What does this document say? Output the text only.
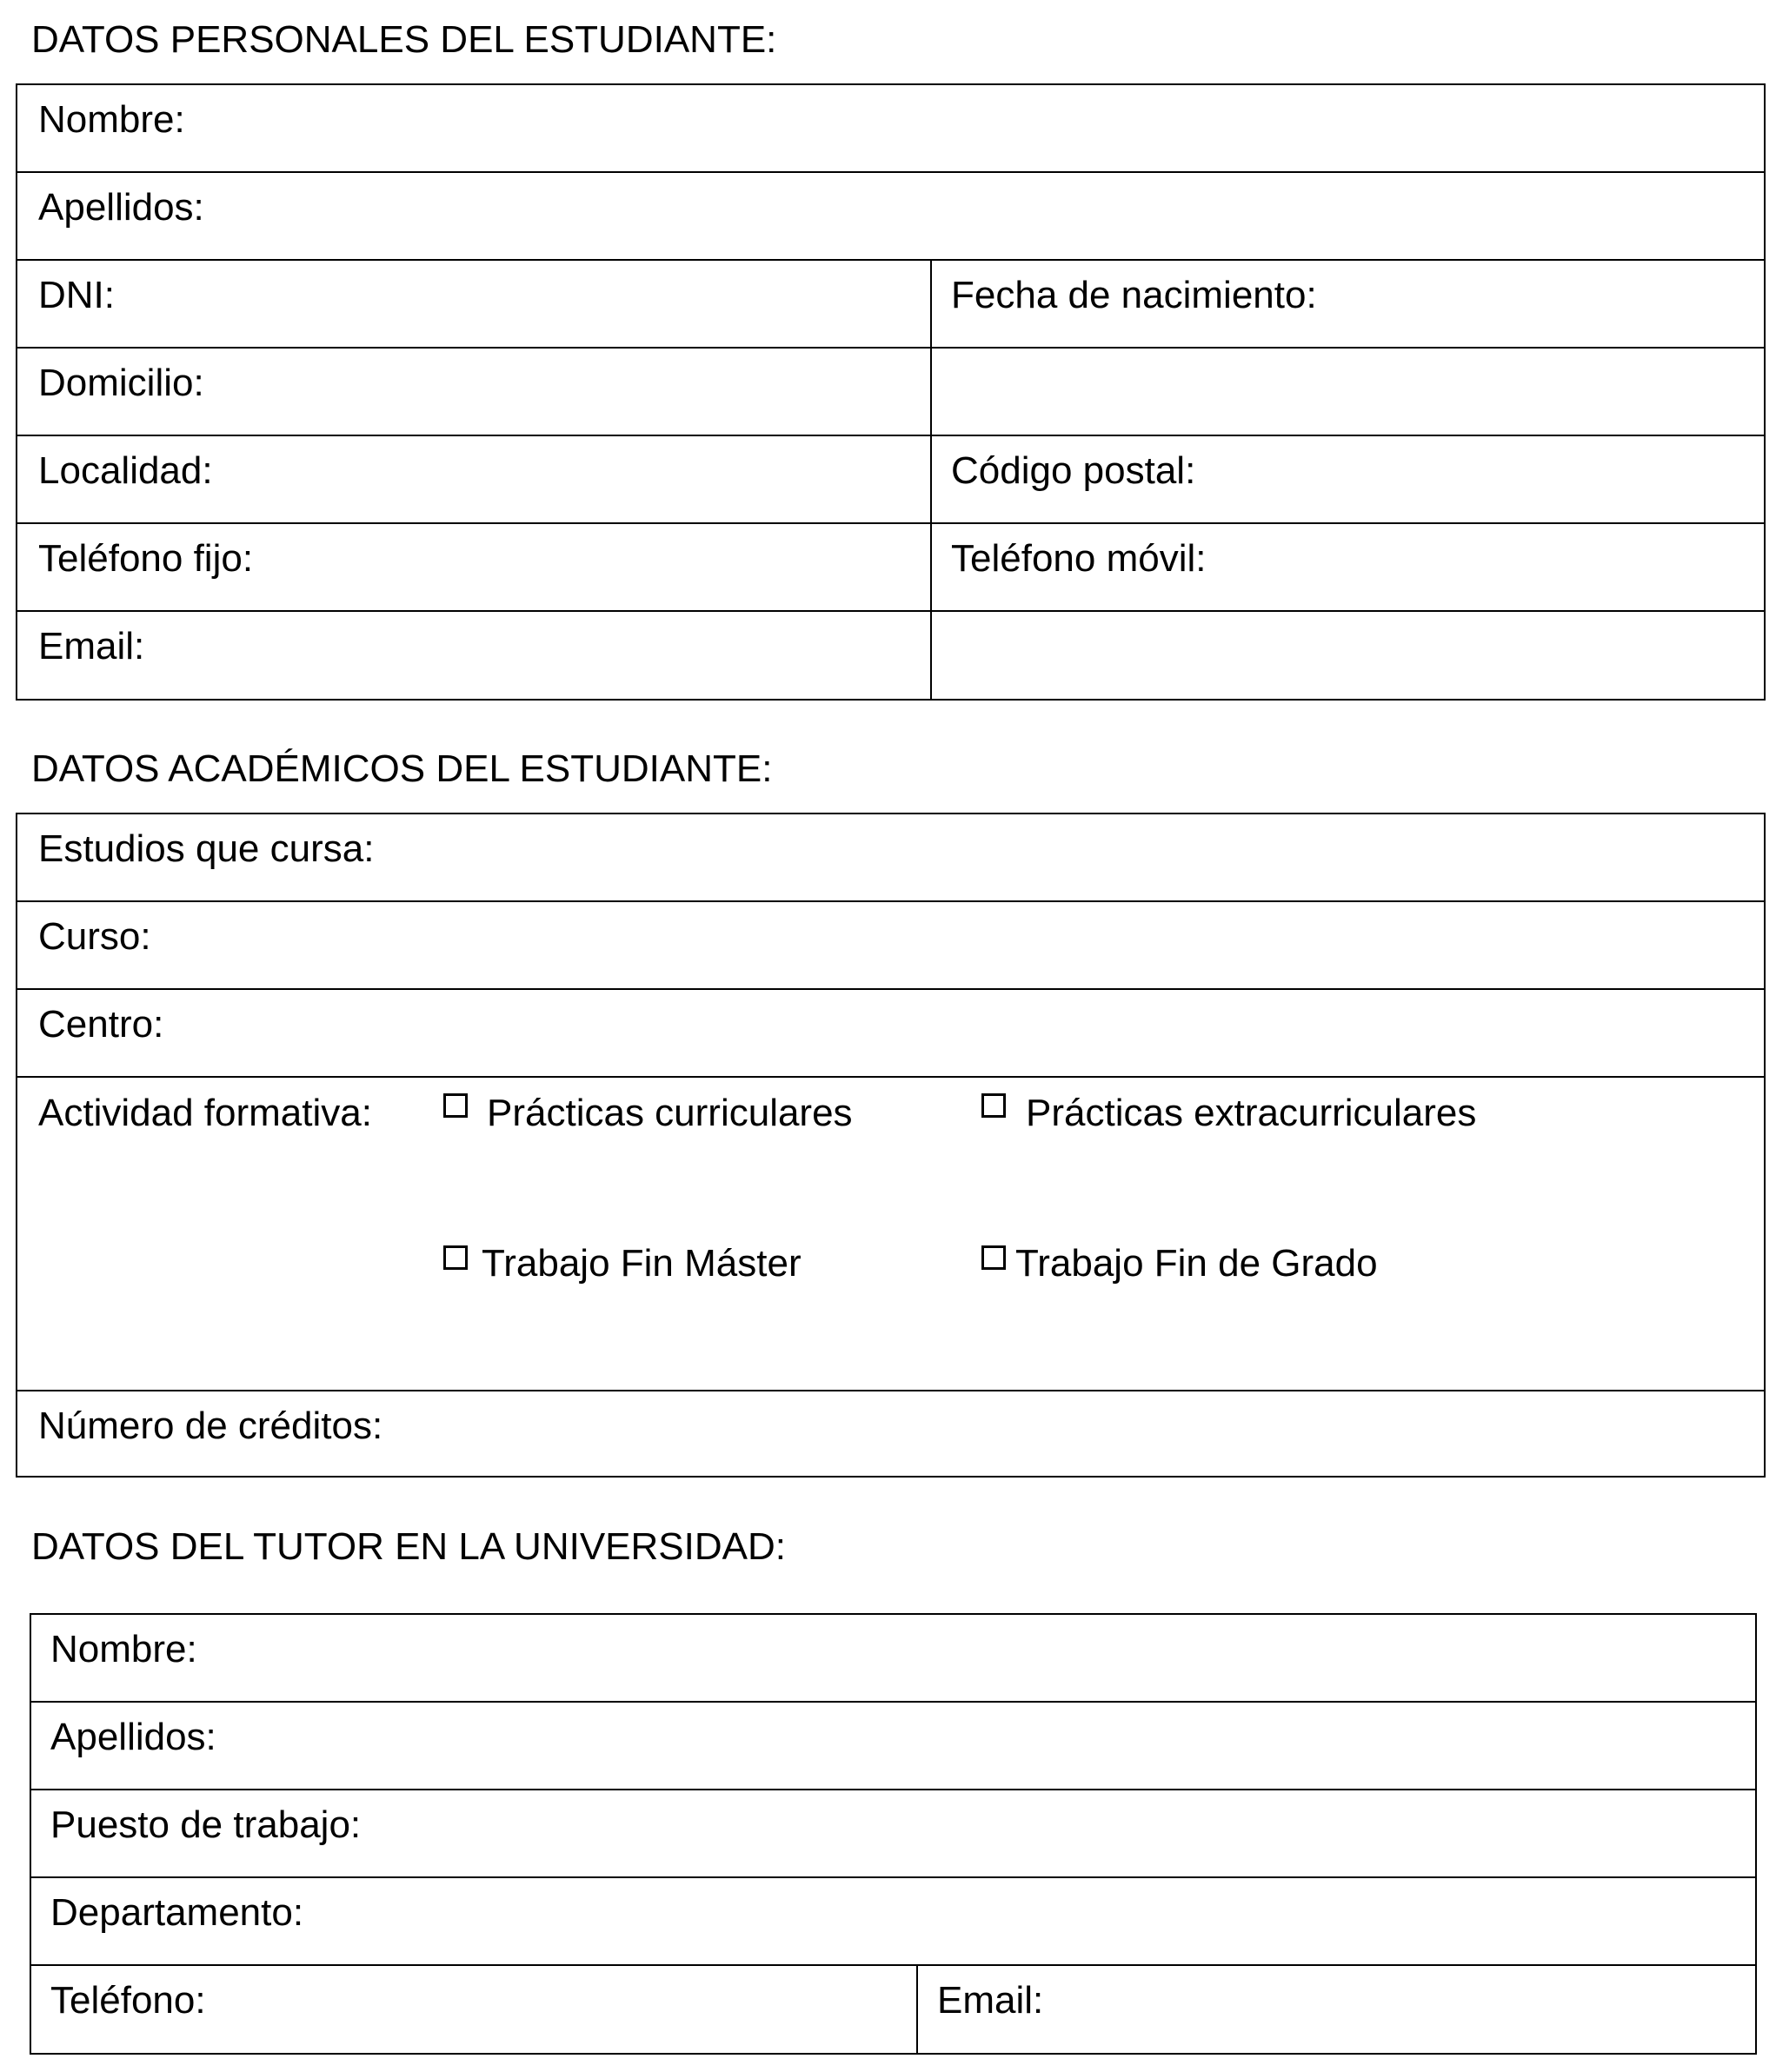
DATOS PERSONALES DEL ESTUDIANTE:
Nombre:
Apellidos:
DNI:	Fecha de nacimiento:
Domicilio:
Localidad:	Código postal:
Teléfono fijo:	Teléfono móvil:
Email:
DATOS ACADÉMICOS DEL ESTUDIANTE:
Estudios que cursa:
Curso:
Centro:
Actividad formativa:	Prácticas curriculares	Prácticas extracurriculares
Trabajo Fin Máster	Trabajo Fin de Grado
Número de créditos:
DATOS DEL TUTOR EN LA UNIVERSIDAD:
Nombre:
Apellidos:
Puesto de trabajo:
Departamento:
Teléfono:	Email:
